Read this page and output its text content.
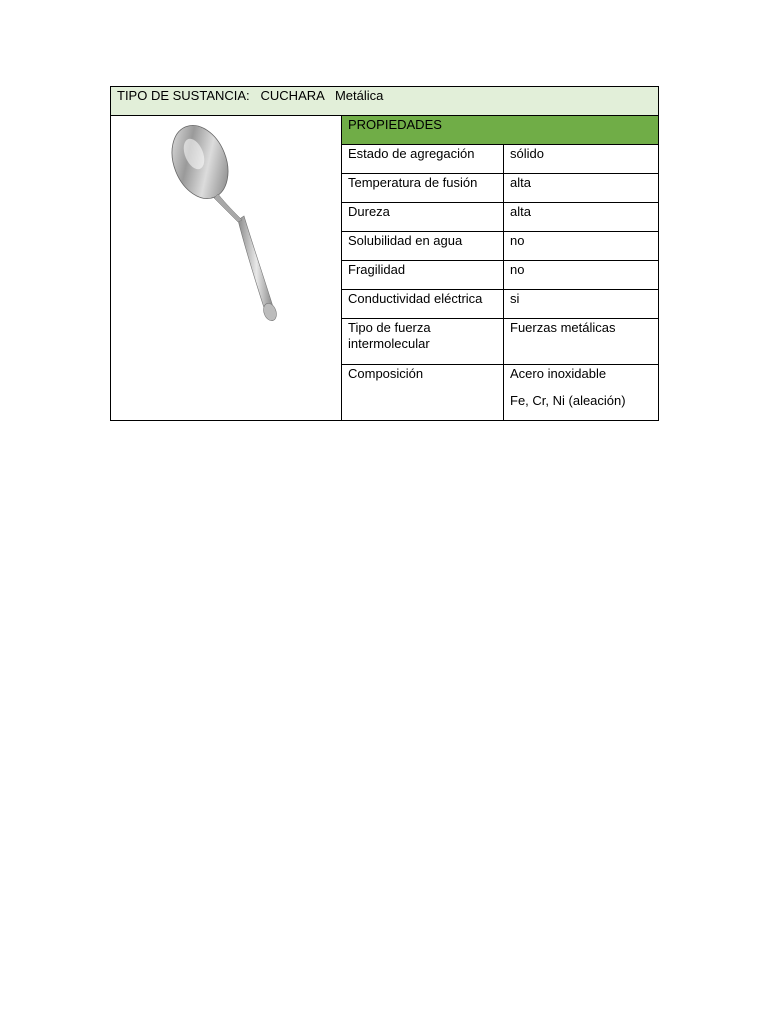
TIPO DE SUSTANCIA: CUCHARA Metálica		

	PROPIEDADES	
	Estado de agregación	sólido
	Temperatura de fusión	alta
	Dureza	alta
	Solubilidad en agua	no
	Fragilidad	no
	Conductividad eléctrica	si
	Tipo de fuerza intermolecular	Fuerzas metálicas
	Composición	Acero inoxidable
Fe, Cr, Ni (aleación)
